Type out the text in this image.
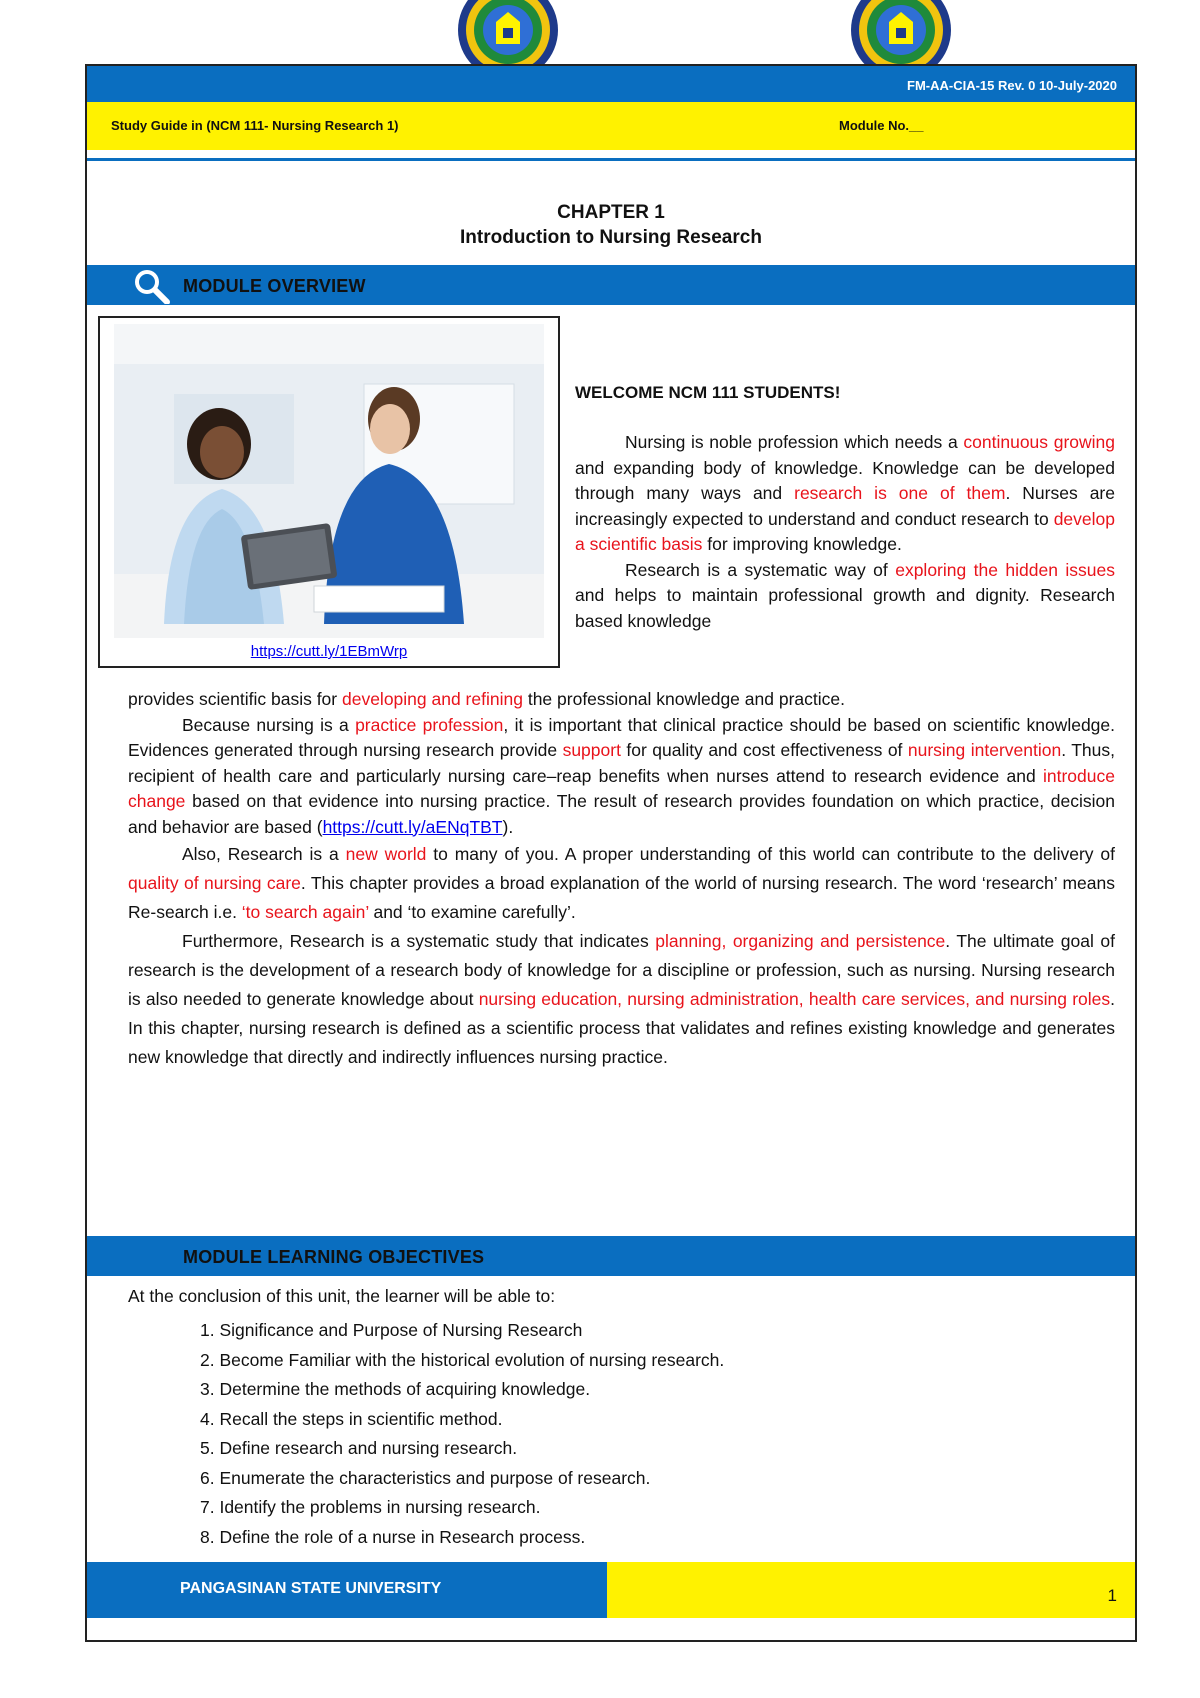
FM-AA-CIA-15 Rev. 0 10-July-2020
Study Guide in (NCM 111- Nursing Research 1)	Module No.__
CHAPTER 1
Introduction to Nursing Research
MODULE OVERVIEW
https://cutt.ly/1EBmWrp
WELCOME NCM 111 STUDENTS!

Nursing is noble profession which needs a continuous growing and expanding body of knowledge. Knowledge can be developed through many ways and research is one of them. Nurses are increasingly expected to understand and conduct research to develop a scientific basis for improving knowledge.

Research is a systematic way of exploring the hidden issues and helps to maintain professional growth and dignity. Research based knowledge

provides scientific basis for developing and refining the professional knowledge and practice.

Because nursing is a practice profession, it is important that clinical practice should be based on scientific knowledge. Evidences generated through nursing research provide support for quality and cost effectiveness of nursing intervention. Thus, recipient of health care and particularly nursing care–reap benefits when nurses attend to research evidence and introduce change based on that evidence into nursing practice. The result of research provides foundation on which practice, decision and behavior are based (https://cutt.ly/aENqTBT).

Also, Research is a new world to many of you. A proper understanding of this world can contribute to the delivery of quality of nursing care. This chapter provides a broad explanation of the world of nursing research. The word ‘research’ means Re-search i.e. ‘to search again’ and ‘to examine carefully’.

Furthermore, Research is a systematic study that indicates planning, organizing and persistence. The ultimate goal of research is the development of a research body of knowledge for a discipline or profession, such as nursing. Nursing research is also needed to generate knowledge about nursing education, nursing administration, health care services, and nursing roles. In this chapter, nursing research is defined as a scientific process that validates and refines existing knowledge and generates new knowledge that directly and indirectly influences nursing practice.

MODULE LEARNING OBJECTIVES
At the conclusion of this unit, the learner will be able to:
1. Significance and Purpose of Nursing Research
2. Become Familiar with the historical evolution of nursing research.
3. Determine the methods of acquiring knowledge.
4. Recall the steps in scientific method.
5. Define research and nursing research.
6. Enumerate the characteristics and purpose of research.
7. Identify the problems in nursing research.
8. Define the role of a nurse in Research process.
PANGASINAN STATE UNIVERSITY	1
